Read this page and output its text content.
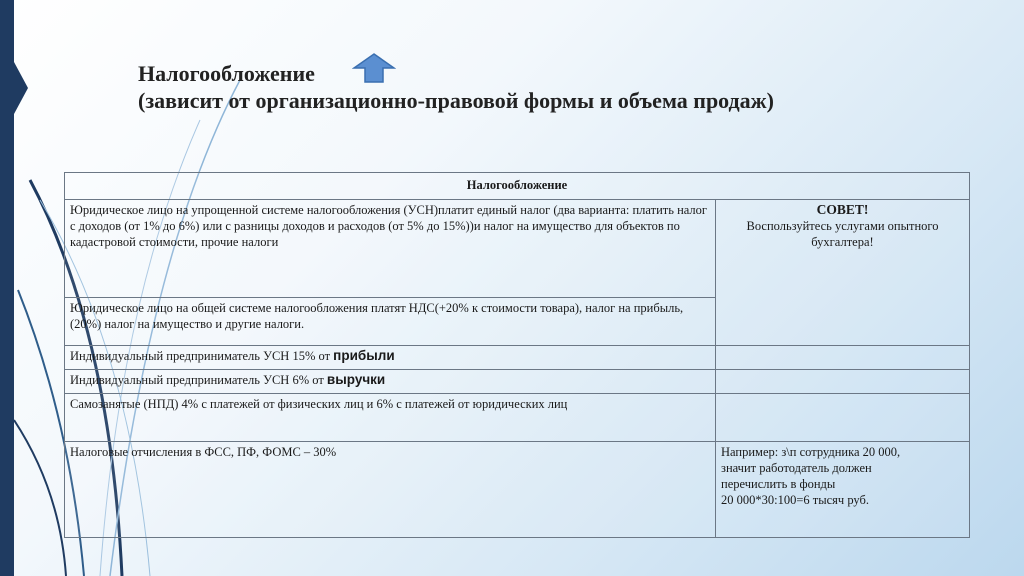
Налогообложение
(зависит от организационно-правовой формы и объема продаж)
Налогообложение	
Юридическое лицо на упрощенной системе налогообложения (УСН)платит единый налог (два варианта: платить налог с доходов (от 1% до 6%) или с разницы доходов и расходов (от 5% до 15%))и налог на имущество для объектов по кадастровой стоимости, прочие налоги	СОВЕТ!
Воспользуйтесь услугами опытного бухгалтера!

Юридическое лицо на общей системе налогообложения платят НДС(+20% к стоимости товара), налог на прибыль,(20%) налог на имущество и другие налоги.	
Индивидуальный предприниматель УСН 15% от прибыли	
Индивидуальный предприниматель УСН 6% от выручки	
Самозанятые (НПД) 4% с платежей от физических лиц и 6% с платежей от юридических лиц	
Налоговые отчисления в ФСС, ПФ, ФОМС – 30%	Например: з\п сотрудника 20 000,
значит работодатель должен
перечислить в фонды
20 000*30:100=6 тысяч руб.
